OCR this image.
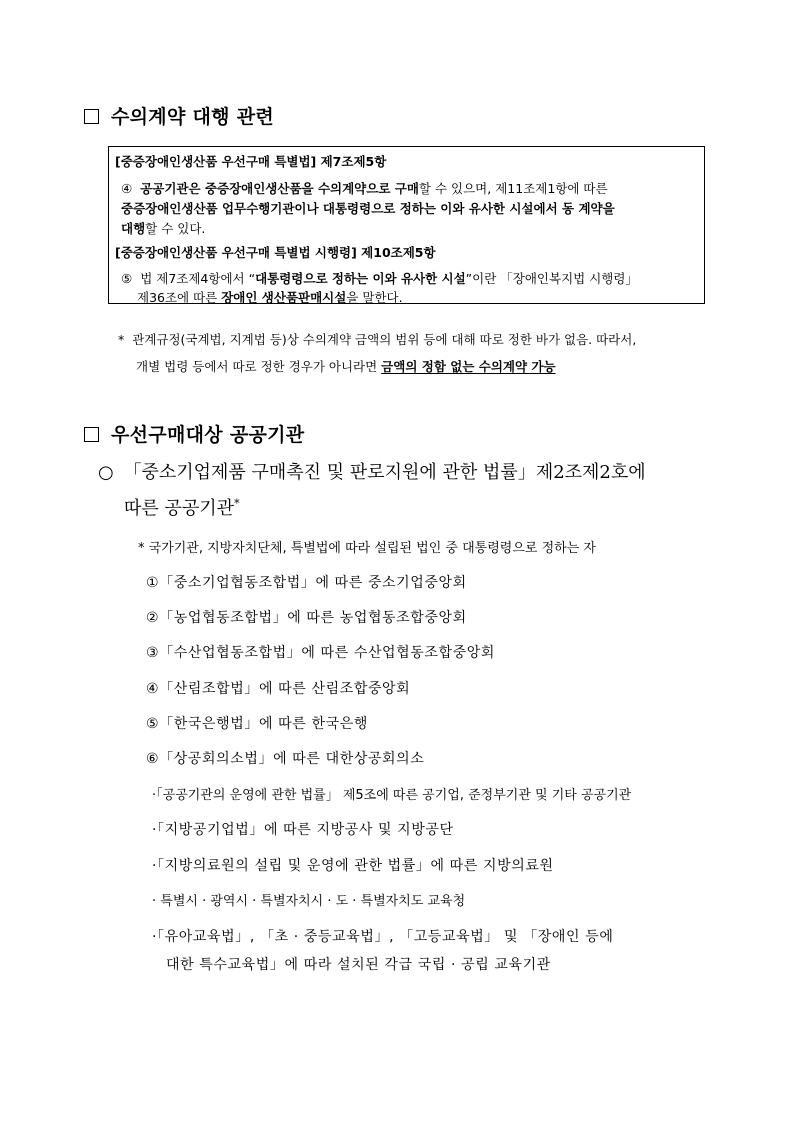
수의계약 대행 관련
[중증장애인생산품 우선구매 특별법] 제7조제5항
④ 공공기관은 중증장애인생산품을 수의계약으로 구매할 수 있으며, 제11조제1항에 따른
중증장애인생산품 업무수행기관이나 대통령령으로 정하는 이와 유사한 시설에서 동 계약을
대행할 수 있다.
[중증장애인생산품 우선구매 특별법 시행령] 제10조제5항
⑤ 법 제7조제4항에서 “대통령령으로 정하는 이와 유사한 시설”이란 「장애인복지법 시행령」
제36조에 따른 장애인 생산품판매시설을 말한다.
* 관계규정(국계법, 지계법 등)상 수의계약 금액의 범위 등에 대해 따로 정한 바가 없음. 따라서,
개별 법령 등에서 따로 정한 경우가 아니라면 금액의 정함 없는 수의계약 가능
우선구매대상 공공기관
○ 「중소기업제품 구매촉진 및 판로지원에 관한 법률」제2조제2호에
따른 공공기관*
* 국가기관, 지방자치단체, 특별법에 따라 설립된 법인 중 대통령령으로 정하는 자
①「중소기업협동조합법」에 따른 중소기업중앙회
②「농업협동조합법」에 따른 농업협동조합중앙회
③「수산업협동조합법」에 따른 수산업협동조합중앙회
④「산림조합법」에 따른 산림조합중앙회
⑤「한국은행법」에 따른 한국은행
⑥「상공회의소법」에 따른 대한상공회의소
·「공공기관의 운영에 관한 법률」 제5조에 따른 공기업, 준정부기관 및 기타 공공기관
·「지방공기업법」에 따른 지방공사 및 지방공단
·「지방의료원의 설립 및 운영에 관한 법률」에 따른 지방의료원
· 특별시 · 광역시 · 특별자치시 · 도 · 특별자치도 교육청
·「유아교육법」, 「초 · 중등교육법」, 「고등교육법」 및 「장애인 등에
대한 특수교육법」에 따라 설치된 각급 국립 · 공립 교육기관
